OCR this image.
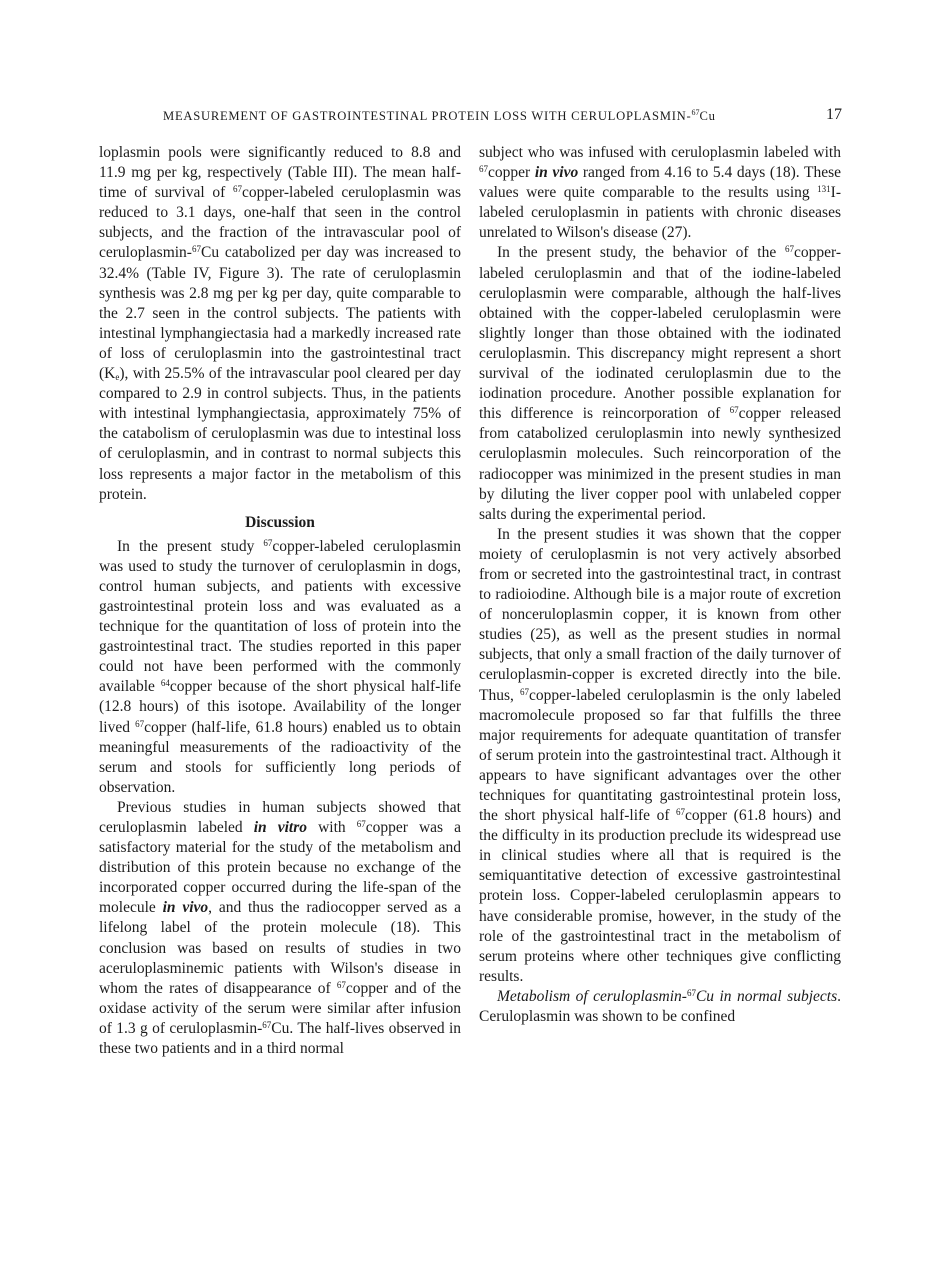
MEASUREMENT OF GASTROINTESTINAL PROTEIN LOSS WITH CERULOPLASMIN-$^{67}$Cu	17

loplasmin pools were significantly reduced to 8.8 and 11.9 mg per kg, respectively (Table III). The mean half-time of survival of $^{67}$copper-labeled ceruloplasmin was reduced to 3.1 days, one-half that seen in the control subjects, and the fraction of the intravascular pool of ceruloplasmin-$^{67}$Cu catabolized per day was increased to 32.4% (Table IV, Figure 3). The rate of ceruloplasmin synthesis was 2.8 mg per kg per day, quite comparable to the 2.7 seen in the control subjects. The patients with intestinal lymphangiectasia had a markedly increased rate of loss of ceruloplasmin into the gastrointestinal tract $(K_e)$, with 25.5% of the intravascular pool cleared per day compared to 2.9 in control subjects. Thus, in the patients with intestinal lymphangiectasia, approximately 75% of the catabolism of ceruloplasmin was due to intestinal loss of ceruloplasmin, and in contrast to normal subjects this loss represents a major factor in the metabolism of this protein.

Discussion

In the present study $^{67}$copper-labeled ceruloplasmin was used to study the turnover of ceruloplasmin in dogs, control human subjects, and patients with excessive gastrointestinal protein loss and was evaluated as a technique for the quantitation of loss of protein into the gastrointestinal tract. The studies reported in this paper could not have been performed with the commonly available $^{64}$copper because of the short physical half-life (12.8 hours) of this isotope. Availability of the longer lived $^{67}$copper (half-life, 61.8 hours) enabled us to obtain meaningful measurements of the radioactivity of the serum and stools for sufficiently long periods of observation.

Previous studies in human subjects showed that ceruloplasmin labeled in vitro with $^{67}$copper was a satisfactory material for the study of the metabolism and distribution of this protein because no exchange of the incorporated copper occurred during the life-span of the molecule in vivo, and thus the radiocopper served as a lifelong label of the protein molecule (18). This conclusion was based on results of studies in two aceruloplasminemic patients with Wilson's disease in whom the rates of disappearance of $^{67}$copper and of the oxidase activity of the serum were similar after infusion of 1.3 g of ceruloplasmin-$^{67}$Cu. The half-lives observed in these two patients and in a third normal

subject who was infused with ceruloplasmin labeled with $^{67}$copper in vivo ranged from 4.16 to 5.4 days (18). These values were quite comparable to the results using $^{131}$I-labeled ceruloplasmin in patients with chronic diseases unrelated to Wilson's disease (27).

In the present study, the behavior of the $^{67}$copper-labeled ceruloplasmin and that of the iodine-labeled ceruloplasmin were comparable, although the half-lives obtained with the copper-labeled ceruloplasmin were slightly longer than those obtained with the iodinated ceruloplasmin. This discrepancy might represent a short survival of the iodinated ceruloplasmin due to the iodination procedure. Another possible explanation for this difference is reincorporation of $^{67}$copper released from catabolized ceruloplasmin into newly synthesized ceruloplasmin molecules. Such reincorporation of the radiocopper was minimized in the present studies in man by diluting the liver copper pool with unlabeled copper salts during the experimental period.

In the present studies it was shown that the copper moiety of ceruloplasmin is not very actively absorbed from or secreted into the gastrointestinal tract, in contrast to radioiodine. Although bile is a major route of excretion of nonceruloplasmin copper, it is known from other studies (25), as well as the present studies in normal subjects, that only a small fraction of the daily turnover of ceruloplasmin-copper is excreted directly into the bile. Thus, $^{67}$copper-labeled ceruloplasmin is the only labeled macromolecule proposed so far that fulfills the three major requirements for adequate quantitation of transfer of serum protein into the gastrointestinal tract. Although it appears to have significant advantages over the other techniques for quantitating gastrointestinal protein loss, the short physical half-life of $^{67}$copper (61.8 hours) and the difficulty in its production preclude its widespread use in clinical studies where all that is required is the semiquantitative detection of excessive gastrointestinal protein loss. Copper-labeled ceruloplasmin appears to have considerable promise, however, in the study of the role of the gastrointestinal tract in the metabolism of serum proteins where other techniques give conflicting results.

Metabolism of ceruloplasmin-$^{67}$Cu in normal subjects. Ceruloplasmin was shown to be confined
